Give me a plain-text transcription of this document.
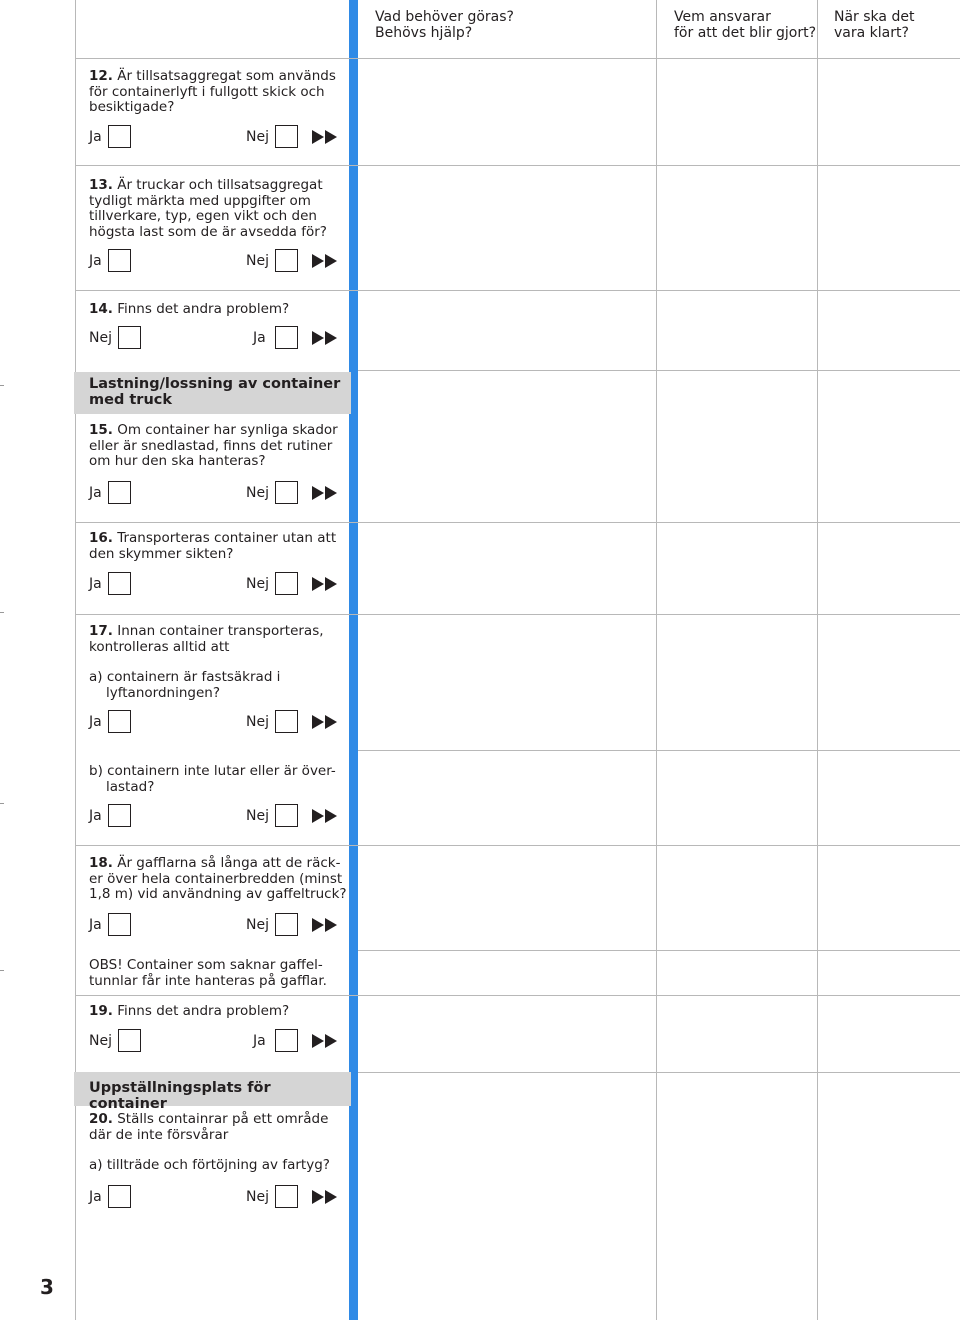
Vad behöver göras?
Behövs hjälp?
Vem ansvarar
för att det blir gjort?
När ska det
vara klart?
12. Är tillsatsaggregat som används för containerlyft i fullgott skick och besiktigade?
Ja	Nej
13. Är truckar och tillsatsaggregat tydligt märkta med uppgifter om tillverkare, typ, egen vikt och den högsta last som de är avsedda för?
Ja	Nej
14. Finns det andra problem?
Nej	Ja
Lastning/lossning av container med truck
15. Om container har synliga skador eller är snedlastad, finns det rutiner om hur den ska hanteras?
Ja	Nej
16. Transporteras container utan att den skymmer sikten?
Ja	Nej
17. Innan container transporteras, kontrolleras alltid att
a) containern är fastsäkrad i lyftanordningen?
Ja	Nej
b) containern inte lutar eller är över-lastad?
Ja	Nej
18. Är gafflarna så långa att de räck-er över hela containerbredden (minst 1,8 m) vid användning av gaffeltruck?
Ja	Nej
OBS! Container som saknar gaffel-tunnlar får inte hanteras på gafflar.
19. Finns det andra problem?
Nej	Ja
Uppställningsplats för container
20. Ställs containrar på ett område där de inte försvårar
a) tillträde och förtöjning av fartyg?
Ja	Nej
3
